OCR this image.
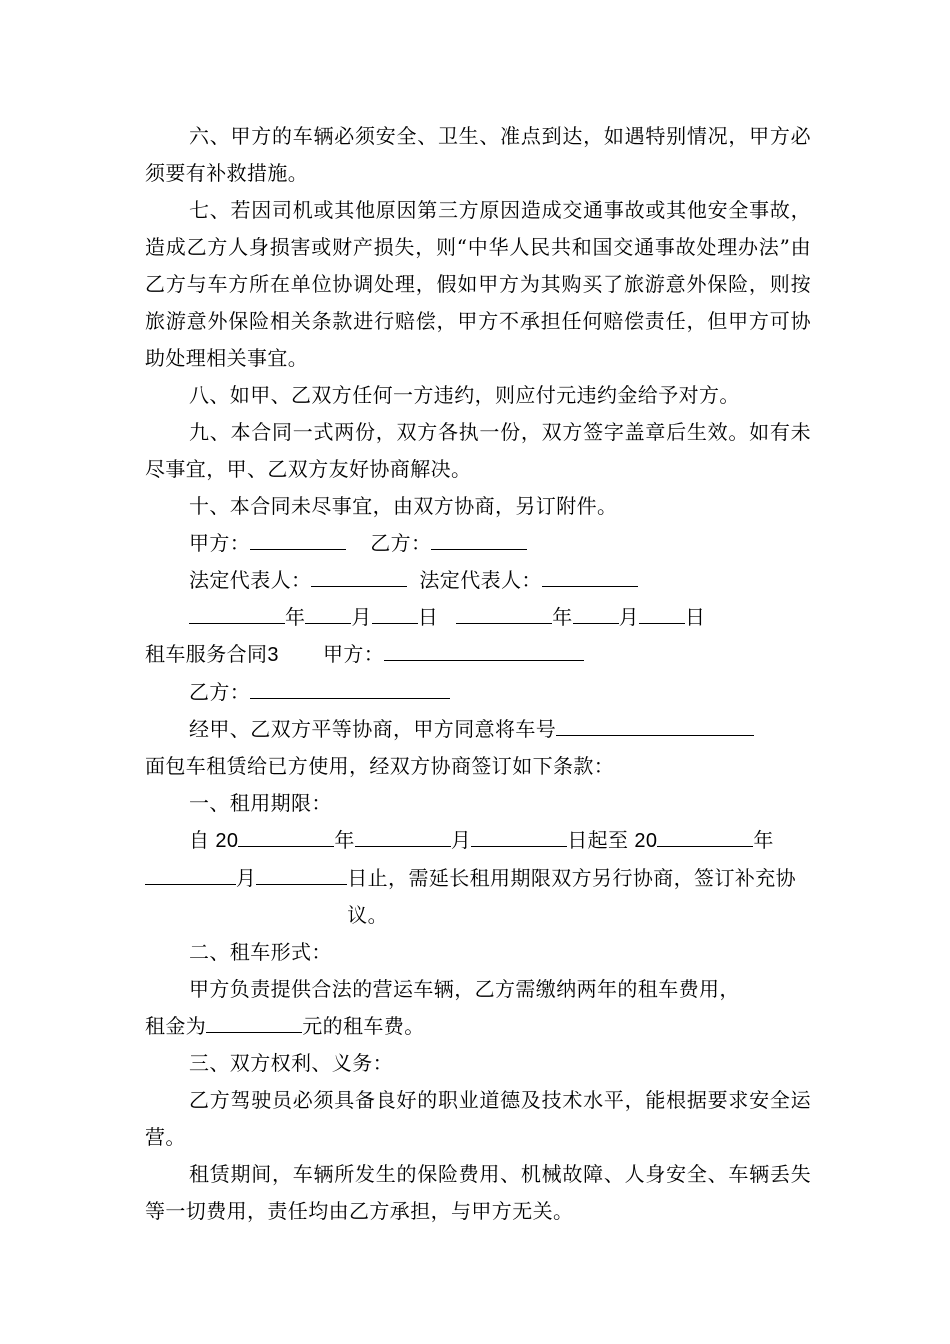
六、甲方的车辆必须安全、卫生、准点到达，如遇特别情况，甲方必须要有补救措施。

七、若因司机或其他原因第三方原因造成交通事故或其他安全事故，造成乙方人身损害或财产损失，则“中华人民共和国交通事故处理办法”由乙方与车方所在单位协调处理，假如甲方为其购买了旅游意外保险，则按旅游意外保险相关条款进行赔偿，甲方不承担任何赔偿责任，但甲方可协助处理相关事宜。

八、如甲、乙双方任何一方违约，则应付元违约金给予对方。

九、本合同一式两份，双方各执一份，双方签字盖章后生效。如有未尽事宜，甲、乙双方友好协商解决。

十、本合同未尽事宜，由双方协商，另订附件。

甲方：	乙方：
法定代表人：	法定代表人：
年 月 日	年 月 日
租车服务合同3 甲方：
乙方：
经甲、乙双方平等协商，甲方同意将车号

面包车租赁给已方使用，经双方协商签订如下条款：

一、租用期限：

自 20	年	月	日起至 20	年
月	日止，需延长租用期限双方另行协商，签订补充协议。

二、租车形式：

甲方负责提供合法的营运车辆，乙方需缴纳两年的租车费用，

租金为	元的租车费。

三、双方权利、义务：

乙方驾驶员必须具备良好的职业道德及技术水平，能根据要求安全运营。

租赁期间，车辆所发生的保险费用、机械故障、人身安全、车辆丢失等一切费用，责任均由乙方承担，与甲方无关。
